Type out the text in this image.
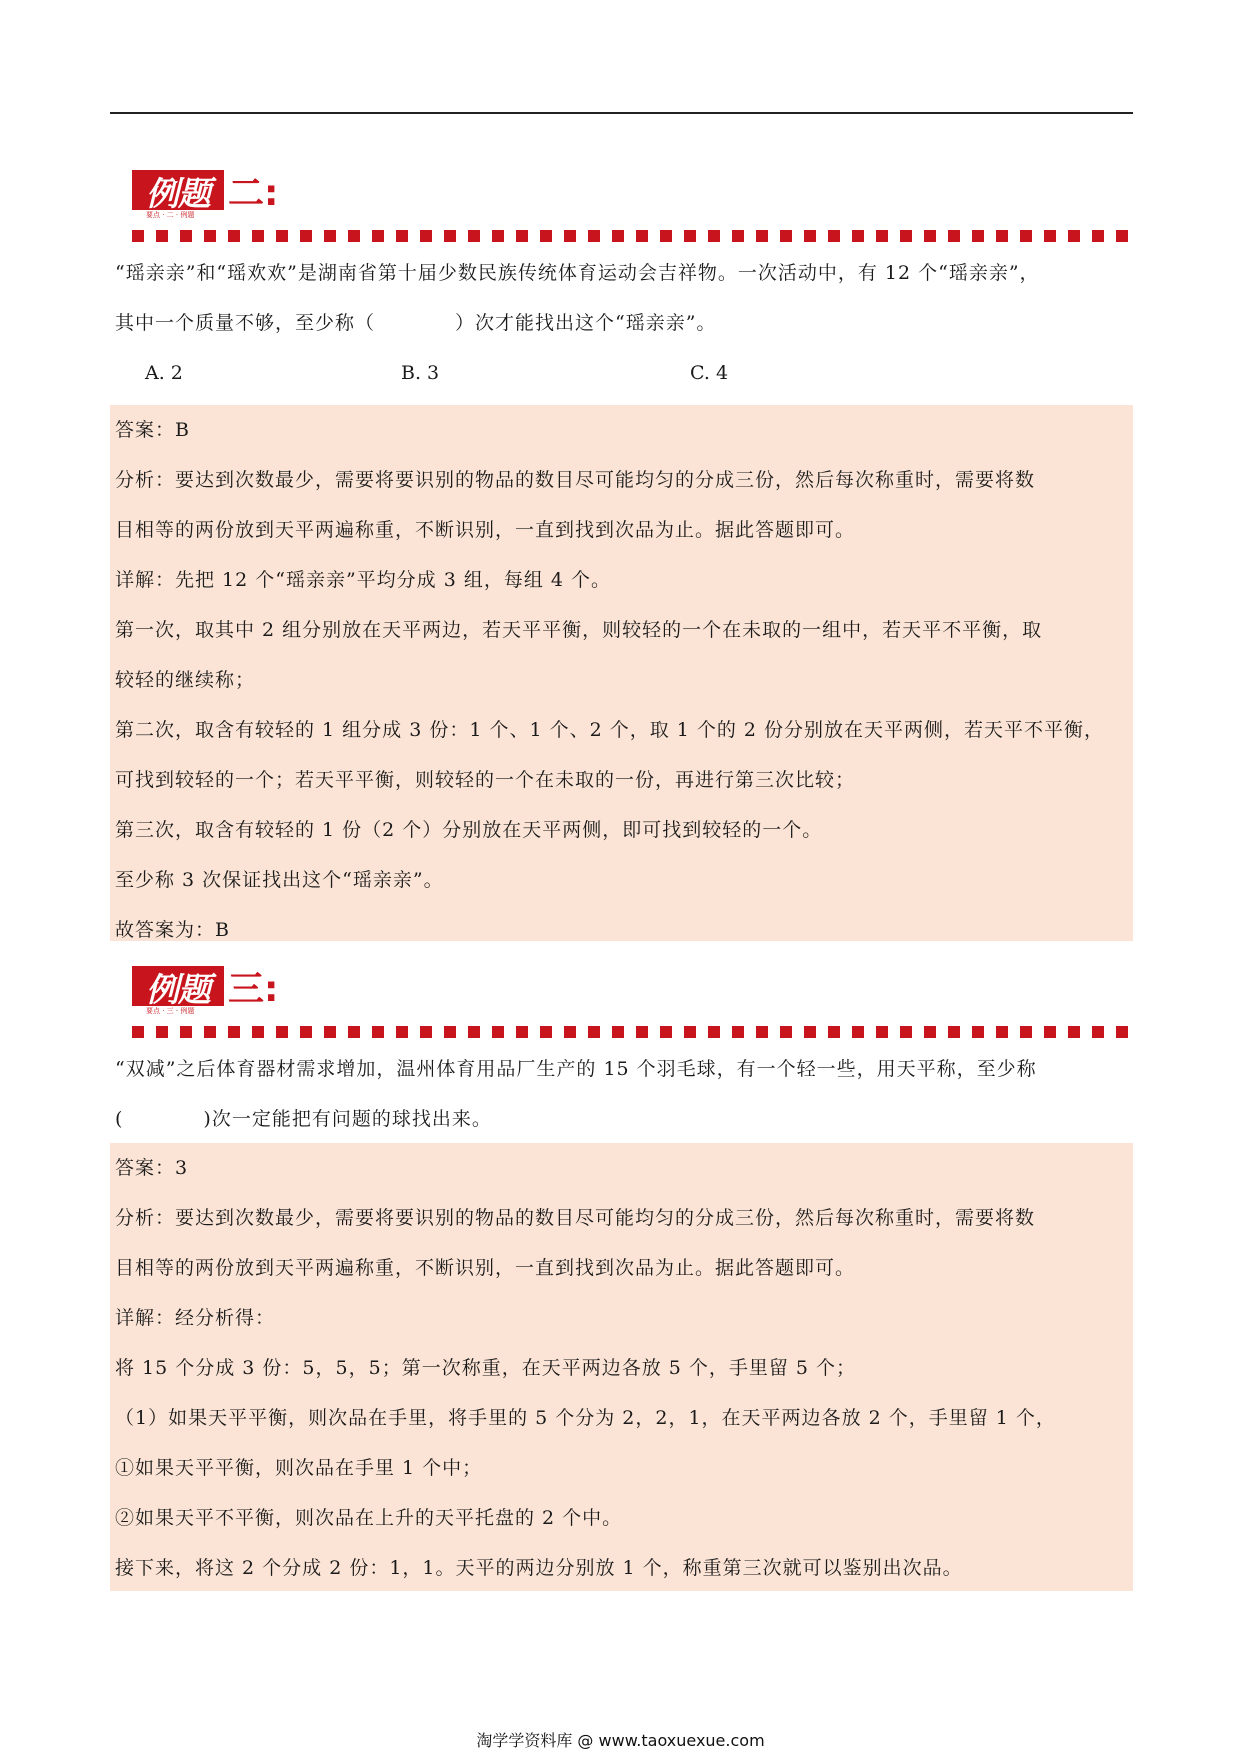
例题
要点 · 二 · 例题
二:
“瑶亲亲”和“瑶欢欢”是湖南省第十届少数民族传统体育运动会吉祥物。一次活动中，有 12 个“瑶亲亲”，
其中一个质量不够，至少称（　　　　）次才能找出这个“瑶亲亲”。
A. 2	B. 3	C. 4
答案：B
分析：要达到次数最少，需要将要识别的物品的数目尽可能均匀的分成三份，然后每次称重时，需要将数
目相等的两份放到天平两遍称重，不断识别，一直到找到次品为止。据此答题即可。
详解：先把 12 个“瑶亲亲”平均分成 3 组，每组 4 个。
第一次，取其中 2 组分别放在天平两边，若天平平衡，则较轻的一个在未取的一组中，若天平不平衡，取
较轻的继续称；
第二次，取含有较轻的 1 组分成 3 份：1 个、1 个、2 个，取 1 个的 2 份分别放在天平两侧，若天平不平衡，
可找到较轻的一个；若天平平衡，则较轻的一个在未取的一份，再进行第三次比较；
第三次，取含有较轻的 1 份（2 个）分别放在天平两侧，即可找到较轻的一个。
至少称 3 次保证找出这个“瑶亲亲”。
故答案为：B
例题
要点 · 三 · 例题
三:
“双减”之后体育器材需求增加，温州体育用品厂生产的 15 个羽毛球，有一个轻一些，用天平称，至少称
(　　　　)次一定能把有问题的球找出来。
答案：3
分析：要达到次数最少，需要将要识别的物品的数目尽可能均匀的分成三份，然后每次称重时，需要将数
目相等的两份放到天平两遍称重，不断识别，一直到找到次品为止。据此答题即可。
详解：经分析得：
将 15 个分成 3 份：5，5，5；第一次称重，在天平两边各放 5 个，手里留 5 个；
（1）如果天平平衡，则次品在手里，将手里的 5 个分为 2，2，1，在天平两边各放 2 个，手里留 1 个，
①如果天平平衡，则次品在手里 1 个中；
②如果天平不平衡，则次品在上升的天平托盘的 2 个中。
接下来，将这 2 个分成 2 份：1，1。天平的两边分别放 1 个，称重第三次就可以鉴别出次品。
淘学学资料库 @ www.taoxuexue.com
